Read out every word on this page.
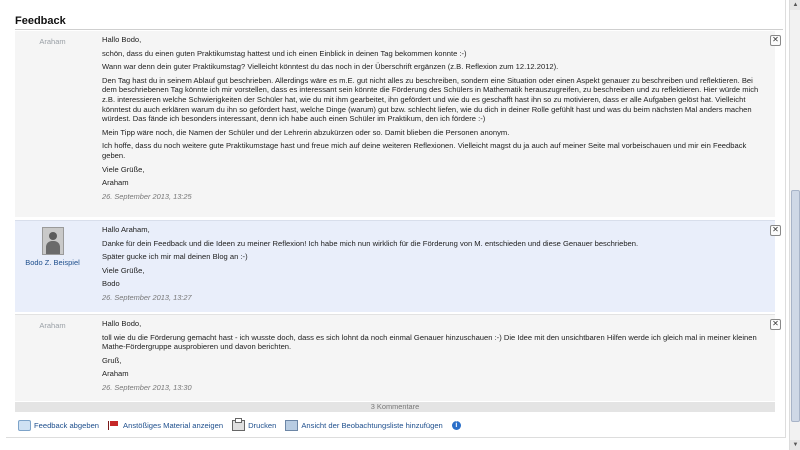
Feedback
Araham	Hallo Bodo,

schön, dass du einen guten Praktikumstag hattest und ich einen Einblick in deinen Tag bekommen konnte :-)

Wann war denn dein guter Praktikumstag? Vielleicht könntest du das noch in der Überschrift ergänzen (z.B. Reflexion zum 12.12.2012).

Den Tag hast du in seinem Ablauf gut beschrieben. Allerdings wäre es m.E. gut nicht alles zu beschreiben, sondern eine Situation oder einen Aspekt genauer zu beschreiben und reflektieren. Bei dem beschriebenen Tag könnte ich mir vorstellen, dass es interessant sein könnte die Förderung des Schülers in Mathematik herauszugreifen, zu beschreiben und zu reflektieren. Hier würde mich z.B. interessieren welche Schwierigkeiten der Schüler hat, wie du mit ihm gearbeitet, ihn gefördert und wie du es geschafft hast ihn so zu motivieren, dass er alle Aufgaben gelöst hat. Vielleicht könntest du auch erklären warum du ihn so gefördert hast, welche Dinge (warum) gut bzw. schlecht liefen, wie du dich in deiner Rolle gefühlt hast und was du beim nächsten Mal anders machen würdest. Das fände ich besonders interessant, denn ich habe auch einen Schüler im Praktikum, den ich fördere :-)

Mein Tipp wäre noch, die Namen der Schüler und der Lehrerin abzukürzen oder so. Damit blieben die Personen anonym.

Ich hoffe, dass du noch weitere gute Praktikumstage hast und freue mich auf deine weiteren Reflexionen. Vielleicht magst du ja auch auf meiner Seite mal vorbeischauen und mir ein Feedback geben.

Viele Grüße,

Araham

26. September 2013, 13:25
✕
Bodo Z. Beispiel

Hallo Araham,

Danke für dein Feedback und die Ideen zu meiner Reflexion! Ich habe mich nun wirklich für die Förderung von M. entschieden und diese Genauer beschrieben.

Später gucke ich mir mal deinen Blog an :-)

Viele Grüße,

Bodo

26. September 2013, 13:27
✕
Araham	Hallo Bodo,

toll wie du die Förderung gemacht hast - ich wusste doch, dass es sich lohnt da noch einmal Genauer hinzuschauen :-) Die Idee mit den unsichtbaren Hilfen werde ich gleich mal in meiner kleinen Mathe-Fördergruppe ausprobieren und davon berichten.

Gruß,

Araham

26. September 2013, 13:30
✕
3 Kommentare
Feedback abgeben	Anstößiges Material anzeigen	Drucken	Ansicht der Beobachtungsliste hinzufügen	i
▲
▼
